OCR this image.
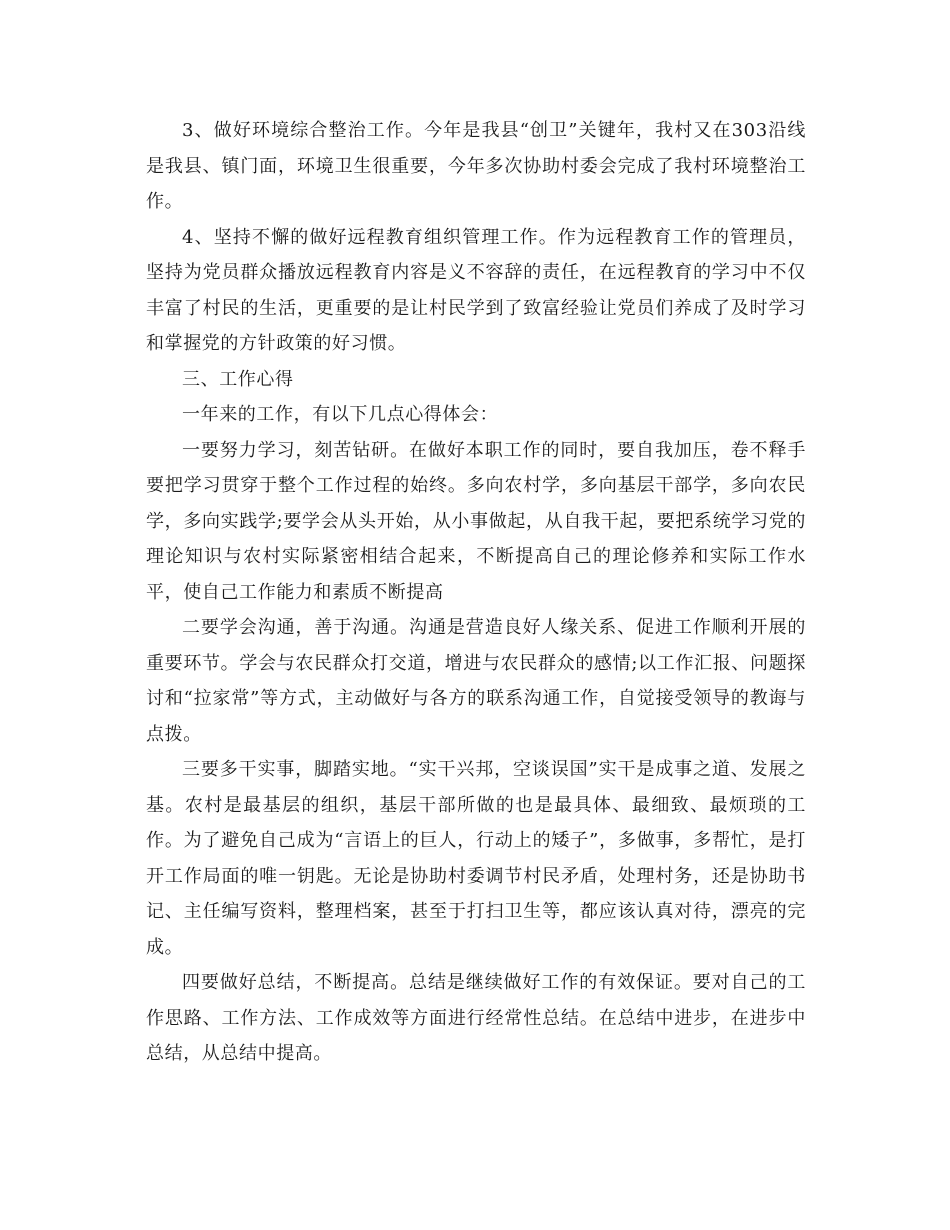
3、做好环境综合整治工作。今年是我县“创卫”关键年，我村又在303沿线是我县、镇门面，环境卫生很重要，今年多次协助村委会完成了我村环境整治工作。

4、坚持不懈的做好远程教育组织管理工作。作为远程教育工作的管理员，坚持为党员群众播放远程教育内容是义不容辞的责任，在远程教育的学习中不仅丰富了村民的生活，更重要的是让村民学到了致富经验让党员们养成了及时学习和掌握党的方针政策的好习惯。

三、工作心得

一年来的工作，有以下几点心得体会：

一要努力学习，刻苦钻研。在做好本职工作的同时，要自我加压，卷不释手要把学习贯穿于整个工作过程的始终。多向农村学，多向基层干部学，多向农民学，多向实践学;要学会从头开始，从小事做起，从自我干起，要把系统学习党的理论知识与农村实际紧密相结合起来，不断提高自己的理论修养和实际工作水平，使自己工作能力和素质不断提高

二要学会沟通，善于沟通。沟通是营造良好人缘关系、促进工作顺利开展的重要环节。学会与农民群众打交道，增进与农民群众的感情;以工作汇报、问题探讨和“拉家常”等方式，主动做好与各方的联系沟通工作，自觉接受领导的教诲与点拨。

三要多干实事，脚踏实地。“实干兴邦，空谈误国”实干是成事之道、发展之基。农村是最基层的组织，基层干部所做的也是最具体、最细致、最烦琐的工作。为了避免自己成为“言语上的巨人，行动上的矮子”，多做事，多帮忙，是打开工作局面的唯一钥匙。无论是协助村委调节村民矛盾，处理村务，还是协助书记、主任编写资料，整理档案，甚至于打扫卫生等，都应该认真对待，漂亮的完成。

四要做好总结，不断提高。总结是继续做好工作的有效保证。要对自己的工作思路、工作方法、工作成效等方面进行经常性总结。在总结中进步，在进步中总结，从总结中提高。
